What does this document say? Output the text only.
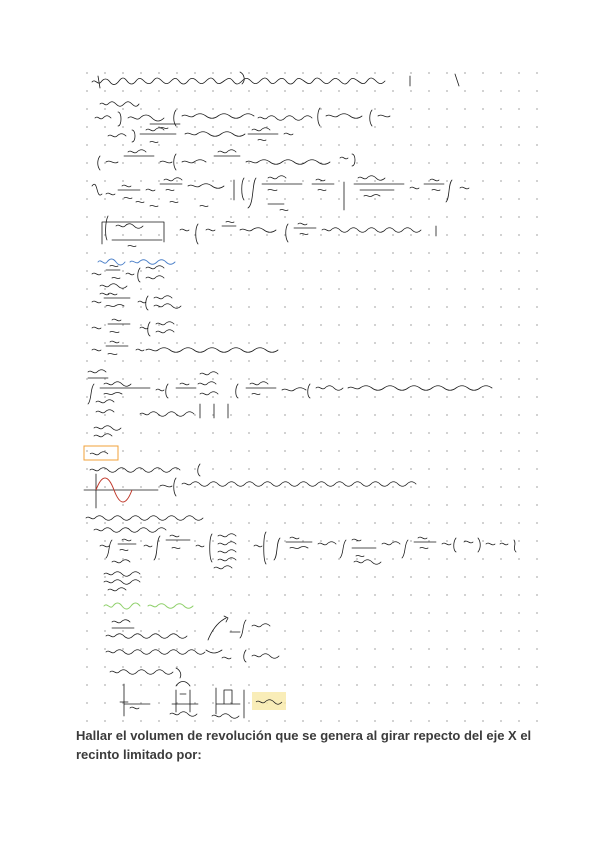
Hallar el volumen de revolución que se genera al girar repecto del eje X el recinto limitado por:
